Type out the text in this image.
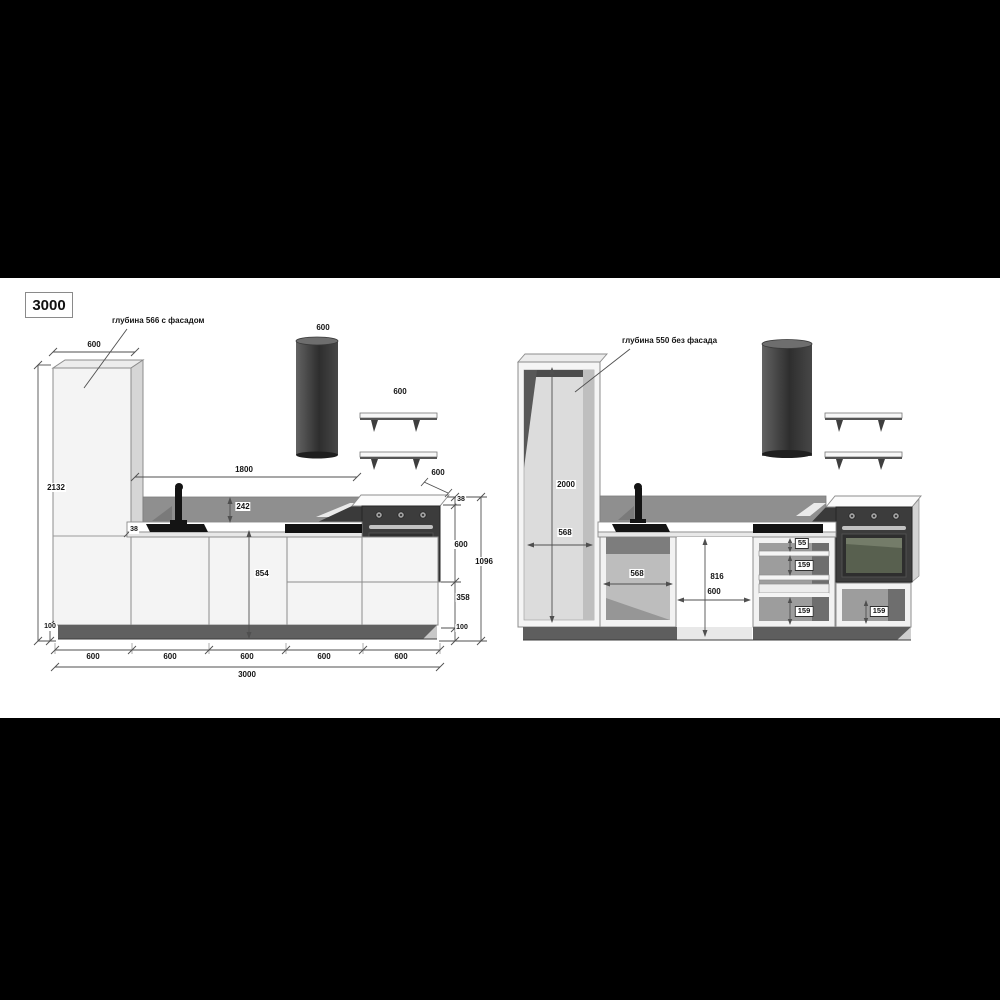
3000
глубина 566 с фасадом
600
2132
1800
242
38
854
100
600
600
600
38
600
358
100
1096
600	600	600	600	600
3000
глубина 550 без фасада
2000
568
568	816
600
55
159
159	159
